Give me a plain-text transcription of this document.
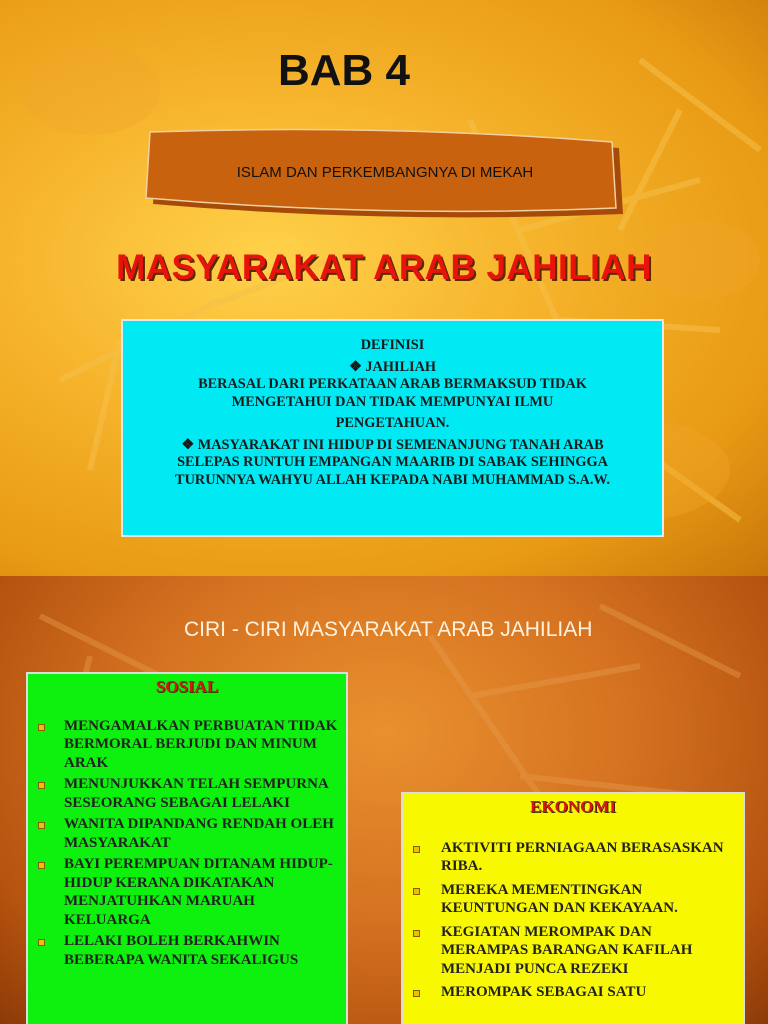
BAB 4
ISLAM DAN PERKEMBANGNYA DI MEKAH
MASYARAKAT ARAB JAHILIAH

DEFINISI

❖ JAHILIAH

BERASAL DARI PERKATAAN ARAB BERMAKSUD TIDAK

MENGETAHUI DAN TIDAK MEMPUNYAI ILMU

PENGETAHUAN.

❖ MASYARAKAT INI HIDUP DI SEMENANJUNG TANAH ARAB

SELEPAS RUNTUH EMPANGAN MAARIB DI SABAK SEHINGGA

TURUNNYA WAHYU ALLAH KEPADA NABI MUHAMMAD S.A.W.

CIRI - CIRI MASYARAKAT ARAB JAHILIAH
SOSIAL
MENGAMALKAN PERBUATAN TIDAK BERMORAL BERJUDI DAN MINUM ARAK
MENUNJUKKAN TELAH SEMPURNA SESEORANG SEBAGAI LELAKI
WANITA DIPANDANG RENDAH OLEH MASYARAKAT
BAYI PEREMPUAN DITANAM HIDUP-HIDUP KERANA DIKATAKAN MENJATUHKAN MARUAH KELUARGA
LELAKI BOLEH BERKAHWIN BEBERAPA WANITA SEKALIGUS
EKONOMI
AKTIVITI PERNIAGAAN BERASASKAN RIBA.
MEREKA MEMENTINGKAN KEUNTUNGAN DAN KEKAYAAN.
KEGIATAN MEROMPAK DAN MERAMPAS BARANGAN KAFILAH MENJADI PUNCA REZEKI
MEROMPAK SEBAGAI SATU
